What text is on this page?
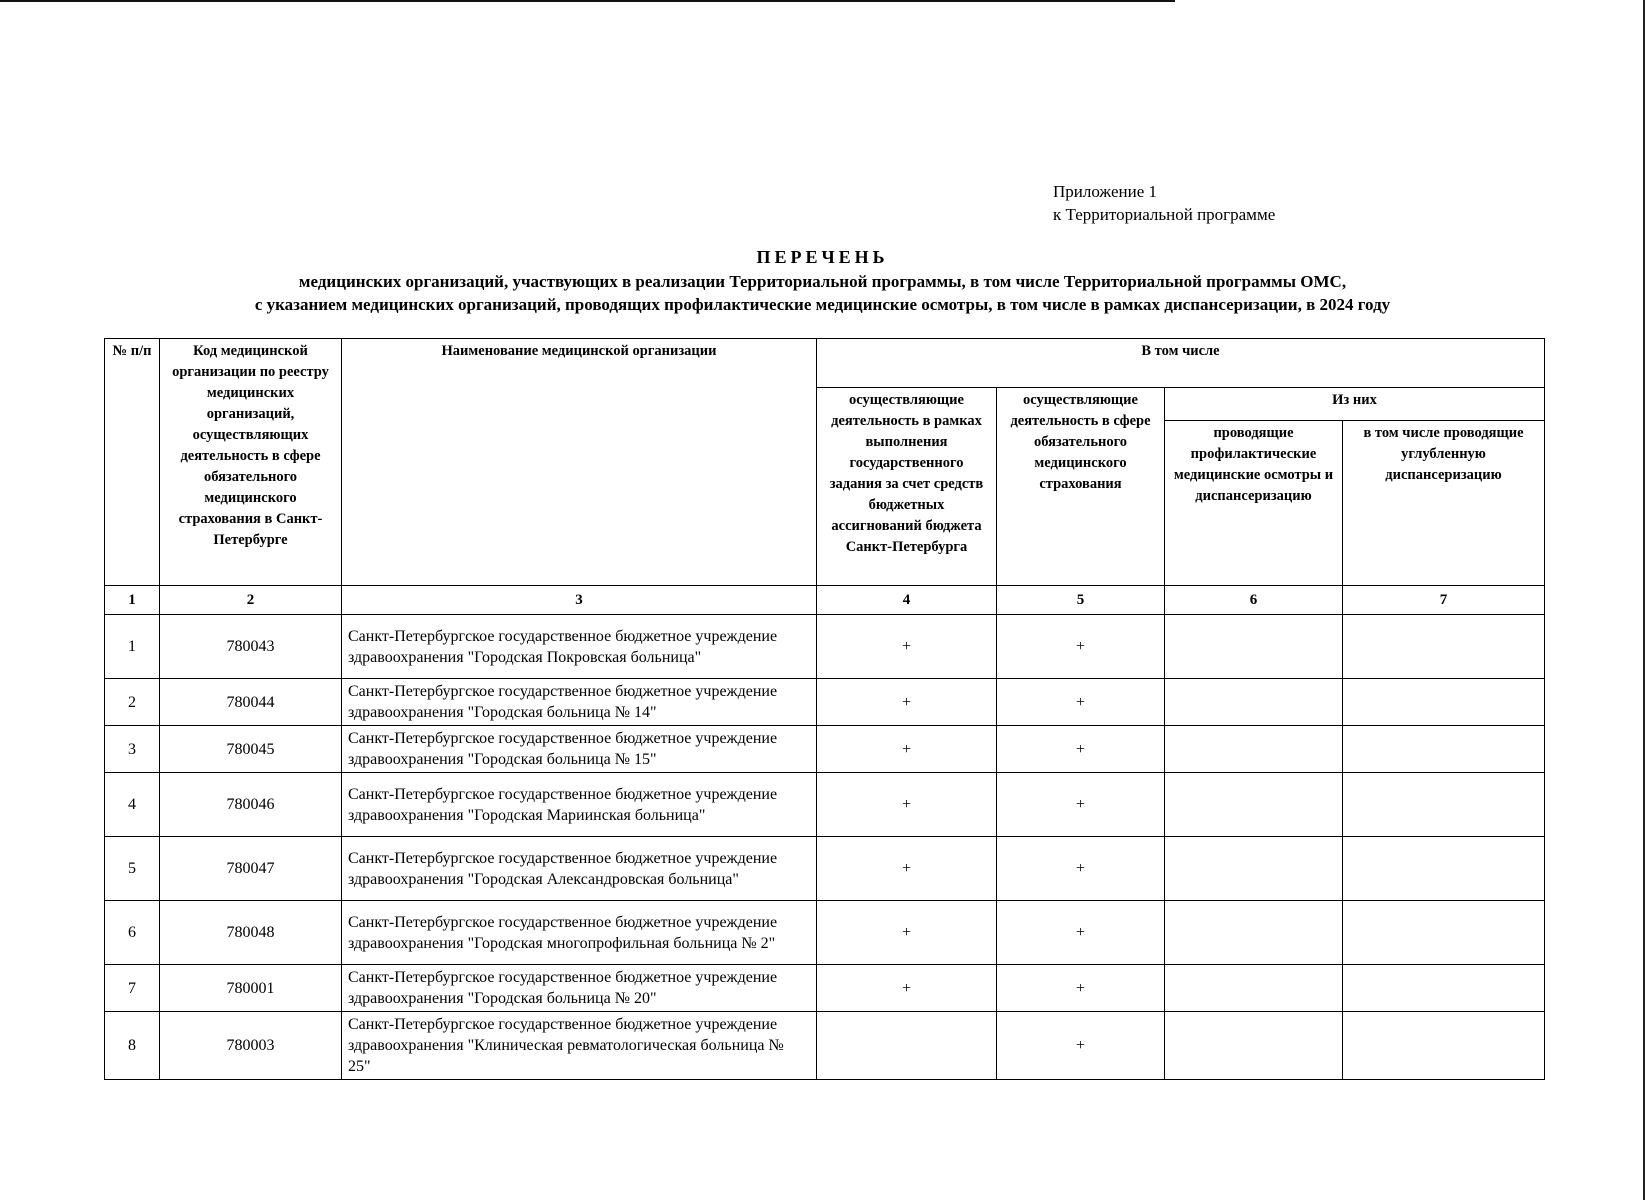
Приложение 1
к Территориальной программе
ПЕРЕЧЕНЬ
медицинских организаций, участвующих в реализации Территориальной программы, в том числе Территориальной программы ОМС,
с указанием медицинских организаций, проводящих профилактические медицинские осмотры, в том числе в рамках диспансеризации, в 2024 году
№ п/п	Код медицинской организации по реестру медицинских организаций, осуществляющих деятельность в сфере обязательного медицинского страхования в Санкт-Петербурге	Наименование медицинской организации	В том числе			
			осуществляющие деятельность в рамках выполнения государственного задания за счет средств бюджетных ассигнований бюджета Санкт-Петербурга	осуществляющие деятельность в сфере обязательного медицинского страхования	Из них	
					проводящие профилактические медицинские осмотры и диспансеризацию	в том числе проводящие углубленную диспансеризацию
1	2	3	4	5	6	7
1	780043	Санкт-Петербургское государственное бюджетное учреждение здравоохранения "Городская Покровская больница"	+	+		
2	780044	Санкт-Петербургское государственное бюджетное учреждение здравоохранения "Городская больница № 14"	+	+		
3	780045	Санкт-Петербургское государственное бюджетное учреждение здравоохранения "Городская больница № 15"	+	+		
4	780046	Санкт-Петербургское государственное бюджетное учреждение здравоохранения "Городская Мариинская больница"	+	+		
5	780047	Санкт-Петербургское государственное бюджетное учреждение здравоохранения "Городская Александровская больница"	+	+		
6	780048	Санкт-Петербургское государственное бюджетное учреждение здравоохранения "Городская многопрофильная больница № 2"	+	+		
7	780001	Санкт-Петербургское государственное бюджетное учреждение здравоохранения "Городская больница № 20"	+	+		
8	780003	Санкт-Петербургское государственное бюджетное учреждение здравоохранения "Клиническая ревматологическая больница № 25"		+		
